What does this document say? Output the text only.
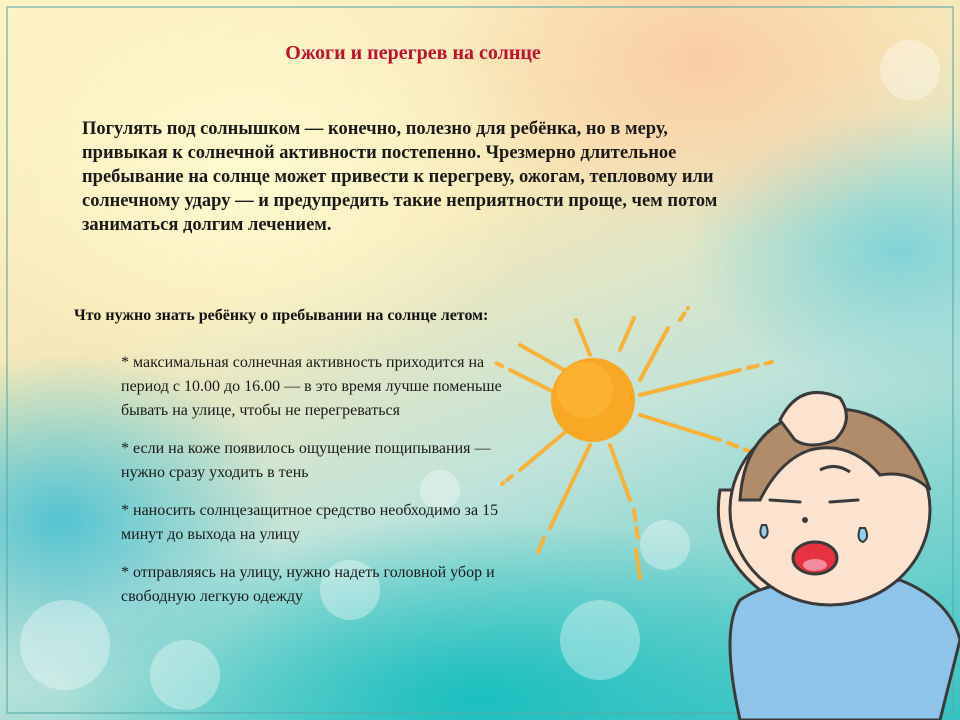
Ожоги и перегрев на солнце
Погулять под солнышком — конечно, полезно для ребёнка, но в меру, привыкая к солнечной активности постепенно. Чрезмерно длительное пребывание на солнце может привести к перегреву, ожогам, тепловому или солнечному удару — и предупредить такие неприятности проще, чем потом заниматься долгим лечением.
Что нужно знать ребёнку о пребывании на солнце летом:

* максимальная солнечная активность приходится на период с 10.00 до 16.00 — в это время лучше поменьше бывать на улице, чтобы не перегреваться

* если на коже появилось ощущение пощипывания — нужно сразу уходить в тень

* наносить солнцезащитное средство необходимо за 15 минут до выхода на улицу

* отправляясь на улицу, нужно надеть головной убор и свободную легкую одежду
